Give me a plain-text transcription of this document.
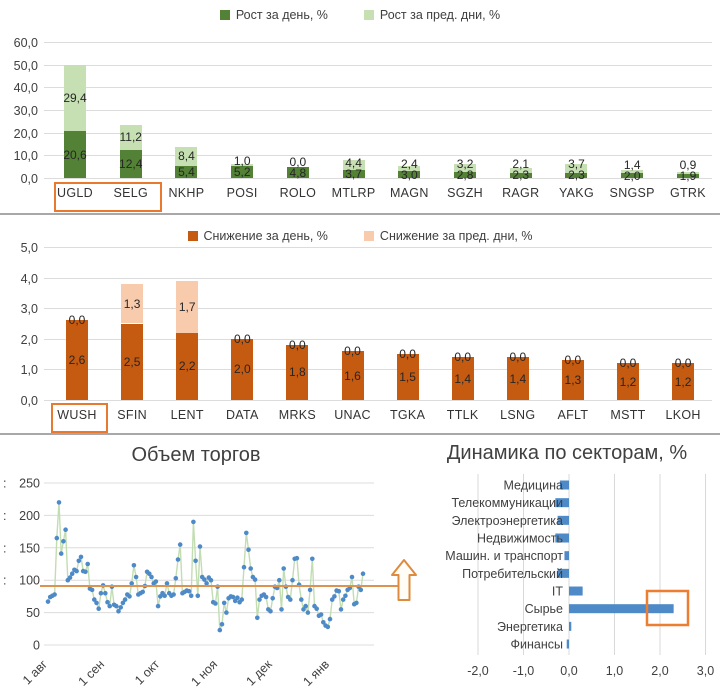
Рост за день, %	Рост за пред. дни, %
Снижение за день, %	Снижение за пред. дни, %
Объем торгов
250
:
200
:
150
:
100
:
50
0
1 авг 1 сен 1 окт 1 ноя 1 дек 1 янв
Динамика по секторам, %
Медицина
Телекоммуникации
Электроэнергетика
Недвижимость
Машин. и транспорт
Потребительский
IT
Сырье
Энергетика
Финансы
-2,0 -1,0 0,0 1,0 2,0 3,0
60,0
50,0
40,0
30,0
20,0
10,0
0,0
29,4
20,6
UGLD
11,2
12,4
SELG
8,4
5,4
NKHP
1,0
5,2
POSI
0,0
4,8
ROLO
4,4
3,7
MTLRP
2,4
3,0
MAGN
3,2
2,8
SGZH
2,1
2,3
RAGR
3,7
2,3
YAKG
1,4
2,0
SNGSP
0,9
1,9
GTRK
5,0
4,0
3,0
2,0
1,0
0,0
0,0
2,6
WUSH
1,3
2,5
SFIN
1,7
2,2
LENT
0,0
2,0
DATA
0,0
1,8
MRKS
0,0
1,6
UNAC
0,0
1,5
TGKA
0,0
1,4
TTLK
0,0
1,4
LSNG
0,0
1,3
AFLT
0,0
1,2
MSTT
0,0
1,2
LKOH
